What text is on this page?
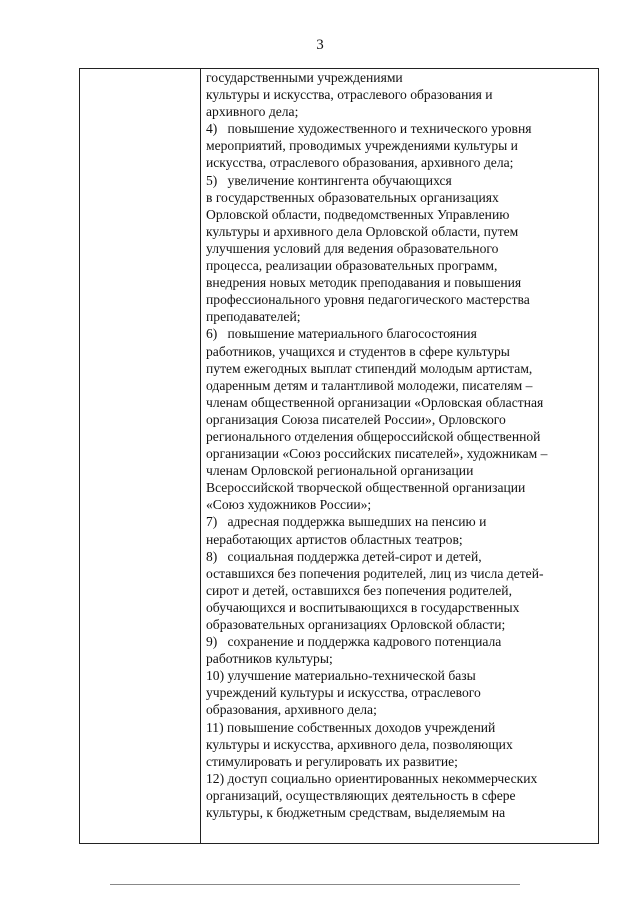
3
государственными учреждениями
культуры и искусства, отраслевого образования и
архивного дела;
4)   повышение художественного и технического уровня
мероприятий, проводимых учреждениями культуры и
искусства, отраслевого образования, архивного дела;
5)   увеличение контингента обучающихся
в государственных образовательных организациях
Орловской области, подведомственных Управлению
культуры и архивного дела Орловской области, путем
улучшения условий для ведения образовательного
процесса, реализации образовательных программ,
внедрения новых методик преподавания и повышения
профессионального уровня педагогического мастерства
преподавателей;
6)   повышение материального благосостояния
работников, учащихся и студентов в сфере культуры
путем ежегодных выплат стипендий молодым артистам,
одаренным детям и талантливой молодежи, писателям –
членам общественной организации «Орловская областная
организация Союза писателей России», Орловского
регионального отделения общероссийской общественной
организации «Союз российских писателей», художникам –
членам Орловской региональной организации
Всероссийской творческой общественной организации
«Союз художников России»;
7)   адресная поддержка вышедших на пенсию и
неработающих артистов областных театров;
8)   социальная поддержка детей-сирот и детей,
оставшихся без попечения родителей, лиц из числа детей-
сирот и детей, оставшихся без попечения родителей,
обучающихся и воспитывающихся в государственных
образовательных организациях Орловской области;
9)   сохранение и поддержка кадрового потенциала
работников культуры;
10) улучшение материально-технической базы
учреждений культуры и искусства, отраслевого
образования, архивного дела;
11) повышение собственных доходов учреждений
культуры и искусства, архивного дела, позволяющих
стимулировать и регулировать их развитие;
12) доступ социально ориентированных некоммерческих
организаций, осуществляющих деятельность в сфере
культуры, к бюджетным средствам, выделяемым на
